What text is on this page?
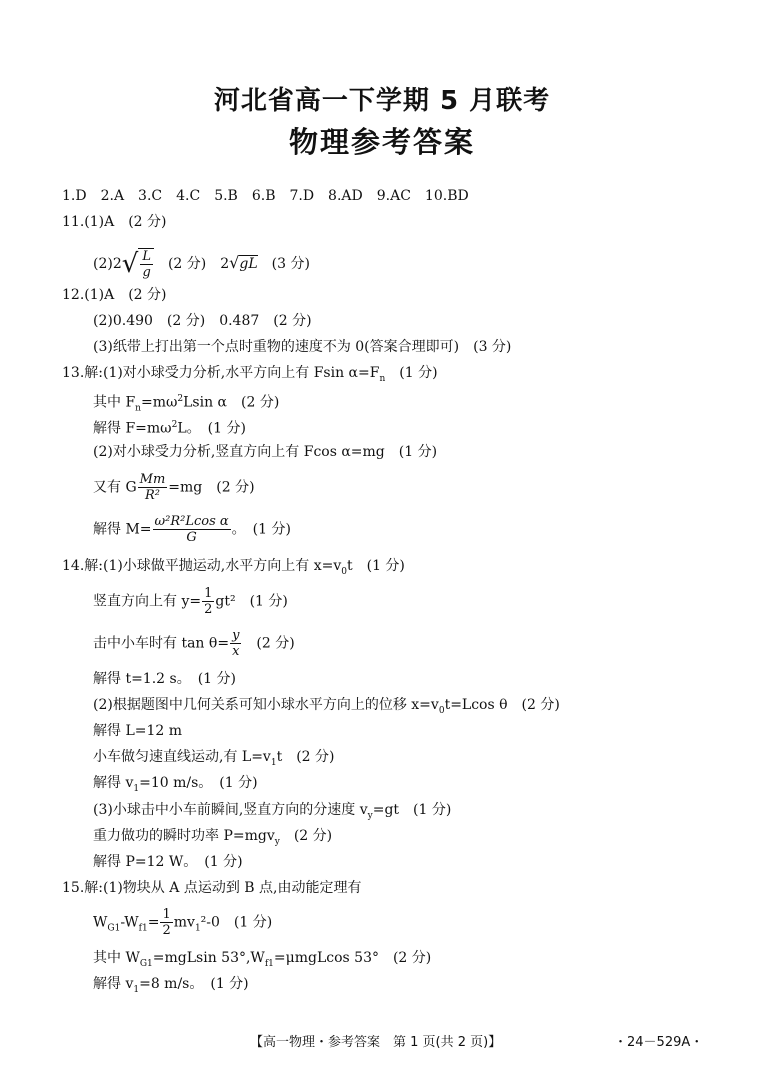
河北省高一下学期 5 月联考
物理参考答案
1.D　2.A　3.C　4.C　5.B　6.B　7.D　8.AD　9.AC　10.BD
11.(1)A　(2 分)
$(2)2√ \frac{L}{g}$ 　(2 分)　2√gL　(3 分)
12.(1)A　(2 分)
(2)0.490　(2 分)　0.487　(2 分)
(3)纸带上打出第一个点时重物的速度不为 0(答案合理即可)　(3 分)
13.解:(1)对小球受力分析,水平方向上有 Fsin $\alpha=F_n$　(1 分)
其中 $F_n=m\omega^2Lsin$ α　(2 分)
解得 $F=m\omega^2L$。　(1 分)
(2)对小球受力分析,竖直方向上有 Fcos α=mg　(1 分)
又有 G $\frac{Mm}{\text{R²}} =mg$　(2 分)
解得 $M= \frac{\text{ω²R²Lcos α}}{G}$ 。　(1 分)
14.解:(1)小球做平抛运动,水平方向上有 $x=v_0t$　(1 分)
竖直方向上有 $y= \frac{1}{2} gt^2$　(1 分)
击中小车时有 $\tan \theta= \frac{y}{x}$ 　(2 分)
解得 t=1.2 s。　(1 分)
(2)根据题图中几何关系可知小球水平方向上的位移 $x=v_0t=Lcos$ θ　(2 分)
解得 L=12 m
小车做匀速直线运动,有 $L=v_1t$　(2 分)
解得 $v_1=10$ m/s。　(1 分)
(3)小球击中小车前瞬间,竖直方向的分速度 $v_y=gt$　(1 分)
重力做功的瞬时功率 P=mgv$_y$　(2 分)
解得 P=12 W。　(1 分)
15.解:(1)物块从 A 点运动到 B 点,由动能定理有
$W_{G1}-W_{f1}= \frac{1}{2} mv_1^2-0$　(1 分)
其中 $W_{G1}=mgLsin$ $53^\circ,W_{f1}=\mu mgLcos$ 53°　(2 分)
解得 $v_1=8$ m/s。　(1 分)
【高一物理・参考答案　第 1 页(共 2 页)】	・24－529A・
